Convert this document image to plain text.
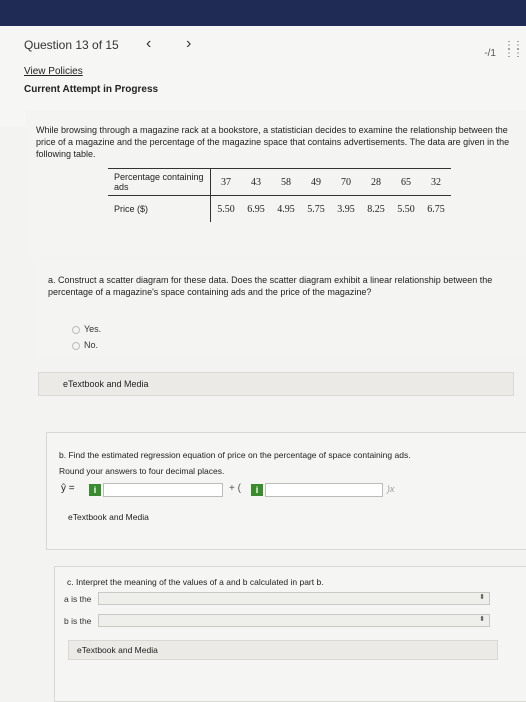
Question 13 of 15 ‹ ›
-/1
⋮⋮
⋮⋮
View Policies
Current Attempt in Progress
While browsing through a magazine rack at a bookstore, a statistician decides to examine the relationship between the price of a magazine and the percentage of the magazine space that contains advertisements. The data are given in the following table.
Percentage containing ads	37	43	58	49	70	28	65	32
Price ($)	5.50	6.95	4.95	5.75	3.95	8.25	5.50	6.75
a. Construct a scatter diagram for these data. Does the scatter diagram exhibit a linear relationship between the percentage of a magazine's space containing ads and the price of the magazine?
Yes.
No.
eTextbook and Media
b. Find the estimated regression equation of price on the percentage of space containing ads.
Round your answers to four decimal places.
ŷ =	i	+ (	i	)x
eTextbook and Media
c. Interpret the meaning of the values of a and b calculated in part b.
a is the	⬍
b is the	⬍
eTextbook and Media
